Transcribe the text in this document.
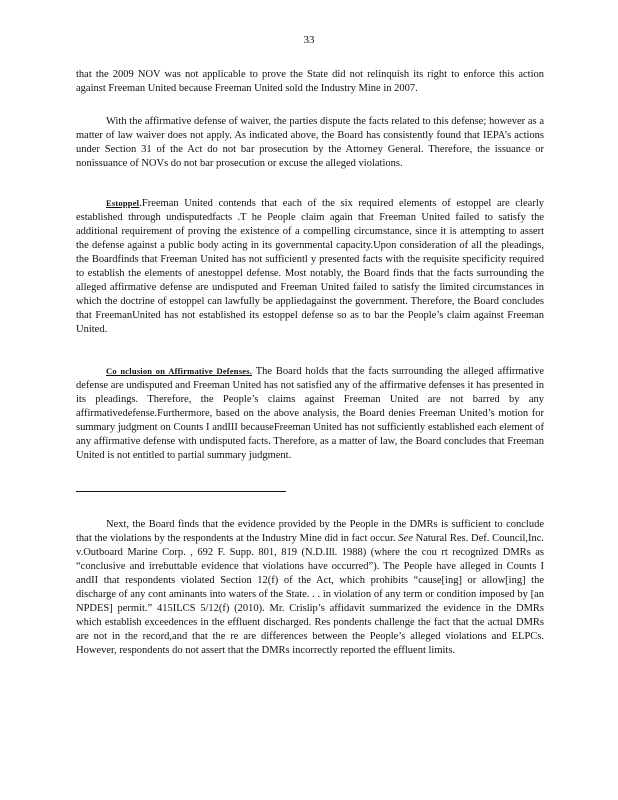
33

that the 2009 NOV was not applicable to prove the State did not relinquish its right to enforce this action against Freeman United because Freeman United sold the Industry Mine in 2007.

With the affirmative defense of waiver, the parties dispute the facts related to this defense; however as a matter of law waiver does not apply. As indicated above, the Board has consistently found that IEPA’s actions under Section 31 of the Act do not bar prosecution by the Attorney General. Therefore, the issuance or nonissuance of NOVs do not bar prosecution or excuse the alleged violations.

Estoppel.Freeman United contends that each of the six required elements of estoppel are clearly established through undisputedfacts .T he People claim again that Freeman United failed to satisfy the additional requirement of proving the existence of a compelling circumstance, since it is attempting to assert the defense against a public body acting in its governmental capacity.Upon consideration of all the pleadings, the Boardfinds that Freeman United has not sufficientl y presented facts with the requisite specificity required to establish the elements of anestoppel defense. Most notably, the Board finds that the facts surrounding the alleged affirmative defense are undisputed and Freeman United failed to satisfy the limited circumstances in which the doctrine of estoppel can lawfully be appliedagainst the government. Therefore, the Board concludes that FreemanUnited has not established its estoppel defense so as to bar the People’s claim against Freeman United.

Co nclusion on Affirmative Defenses. The Board holds that the facts surrounding the alleged affirmative defense are undisputed and Freeman United has not satisfied any of the affirmative defenses it has presented in its pleadings. Therefore, the People’s claims against Freeman United are not barred by any affirmativedefense.Furthermore, based on the above analysis, the Board denies Freeman United’s motion for summary judgment on Counts I andIII becauseFreeman United has not sufficiently established each element of any affirmative defense with undisputed facts. Therefore, as a matter of law, the Board concludes that Freeman United is not entitled to partial summary judgment.

Next, the Board finds that the evidence provided by the People in the DMRs is sufficient to conclude that the violations by the respondents at the Industry Mine did in fact occur. See Natural Res. Def. Council,Inc. v.Outboard Marine Corp. , 692 F. Supp. 801, 819 (N.D.Ill. 1988) (where the cou rt recognized DMRs as “conclusive and irrebuttable evidence that violations have occurred”). The People have alleged in Counts I andII that respondents violated Section 12(f) of the Act, which prohibits “cause[ing] or allow[ing] the discharge of any cont aminants into waters of the State. . . in violation of any term or condition imposed by [an NPDES] permit.” 415ILCS 5/12(f) (2010). Mr. Crislip’s affidavit summarized the evidence in the DMRs which establish exceedences in the effluent discharged. Res pondents challenge the fact that the actual DMRs are not in the record,and that the re are differences between the People’s alleged violations and ELPCs. However, respondents do not assert that the DMRs incorrectly reported the effluent limits.
